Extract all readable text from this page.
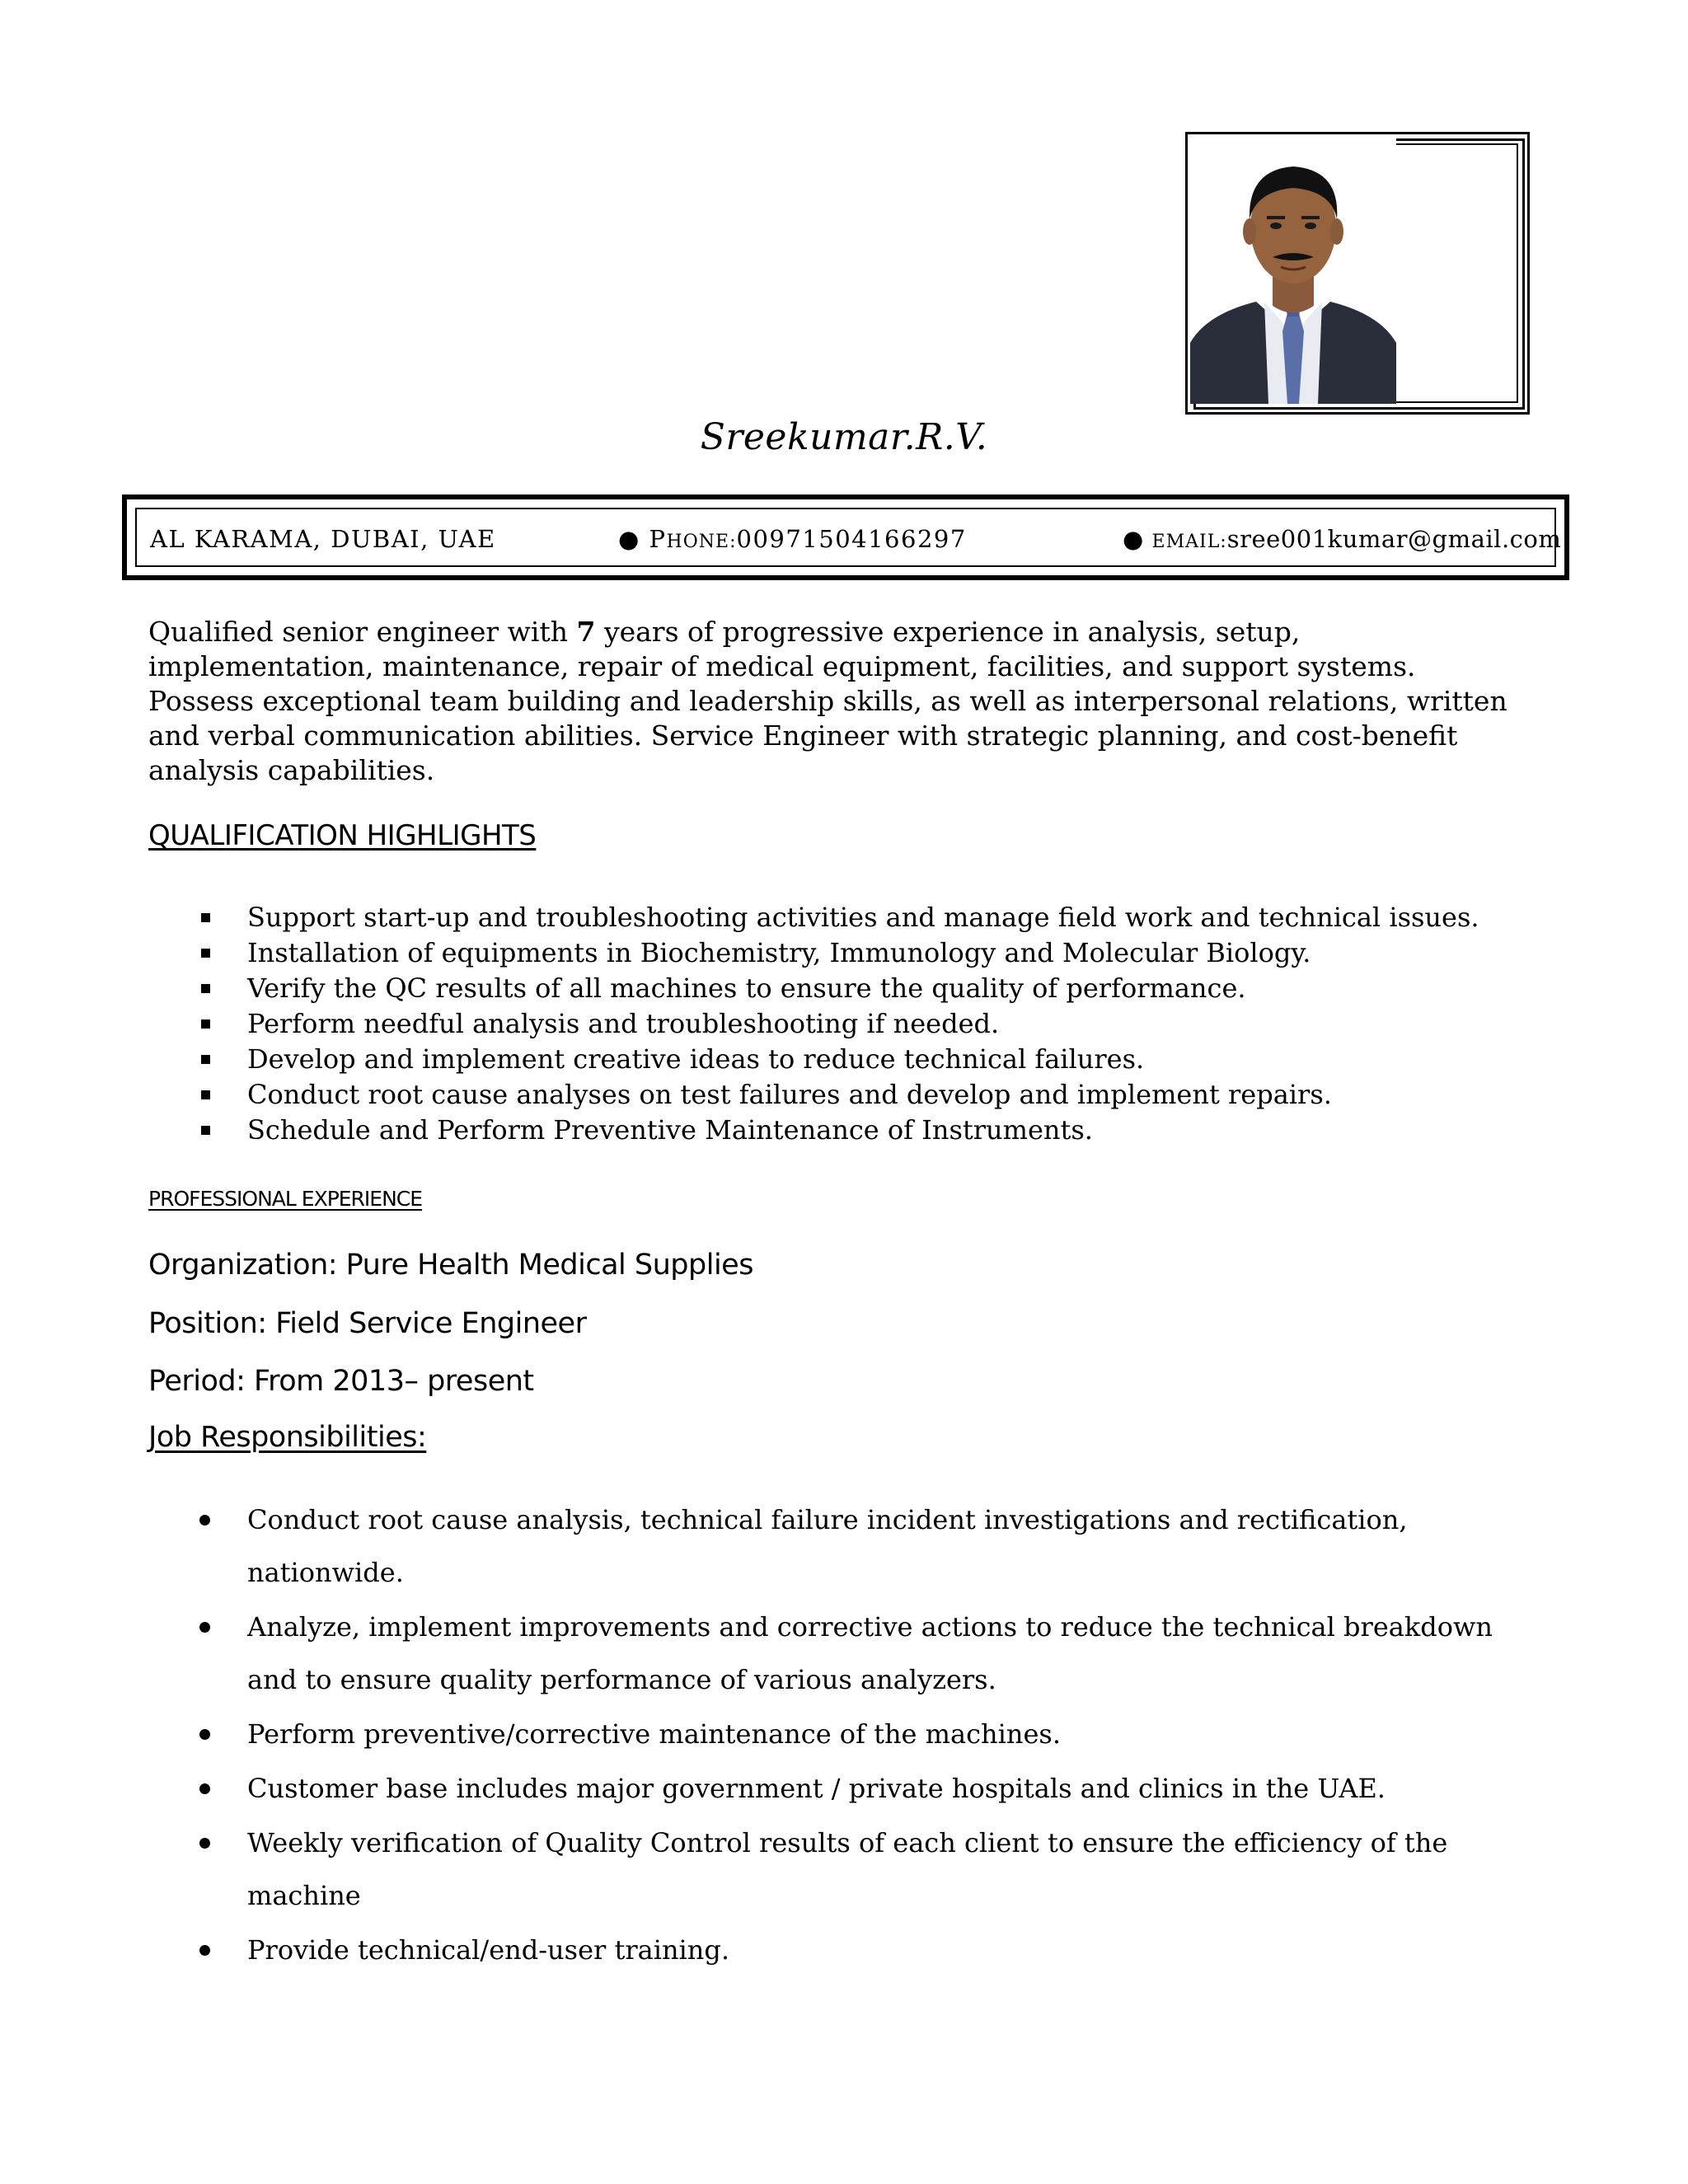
Sreekumar.R.V.
AL KARAMA, DUBAI, UAE	● PHONE:00971504166297	● EMAIL:sree001kumar@gmail.com
Qualified senior engineer with 7 years of progressive experience in analysis, setup, implementation, maintenance, repair of medical equipment, facilities, and support systems. Possess exceptional team building and leadership skills, as well as interpersonal relations, written and verbal communication abilities. Service Engineer with strategic planning, and cost-benefit analysis capabilities.
QUALIFICATION HIGHLIGHTS
Support start-up and troubleshooting activities and manage field work and technical issues.
Installation of equipments in Biochemistry, Immunology and Molecular Biology.
Verify the QC results of all machines to ensure the quality of performance.
Perform needful analysis and troubleshooting if needed.
Develop and implement creative ideas to reduce technical failures.
Conduct root cause analyses on test failures and develop and implement repairs.
Schedule and Perform Preventive Maintenance of Instruments.
PROFESSIONAL EXPERIENCE
Organization: Pure Health Medical Supplies
Position: Field Service Engineer
Period: From 2013– present
Job Responsibilities:
Conduct root cause analysis, technical failure incident investigations and rectification, nationwide.
Analyze, implement improvements and corrective actions to reduce the technical breakdown and to ensure quality performance of various analyzers.
Perform preventive/corrective maintenance of the machines.
Customer base includes major government / private hospitals and clinics in the UAE.
Weekly verification of Quality Control results of each client to ensure the efficiency of the machine
Provide technical/end-user training.
